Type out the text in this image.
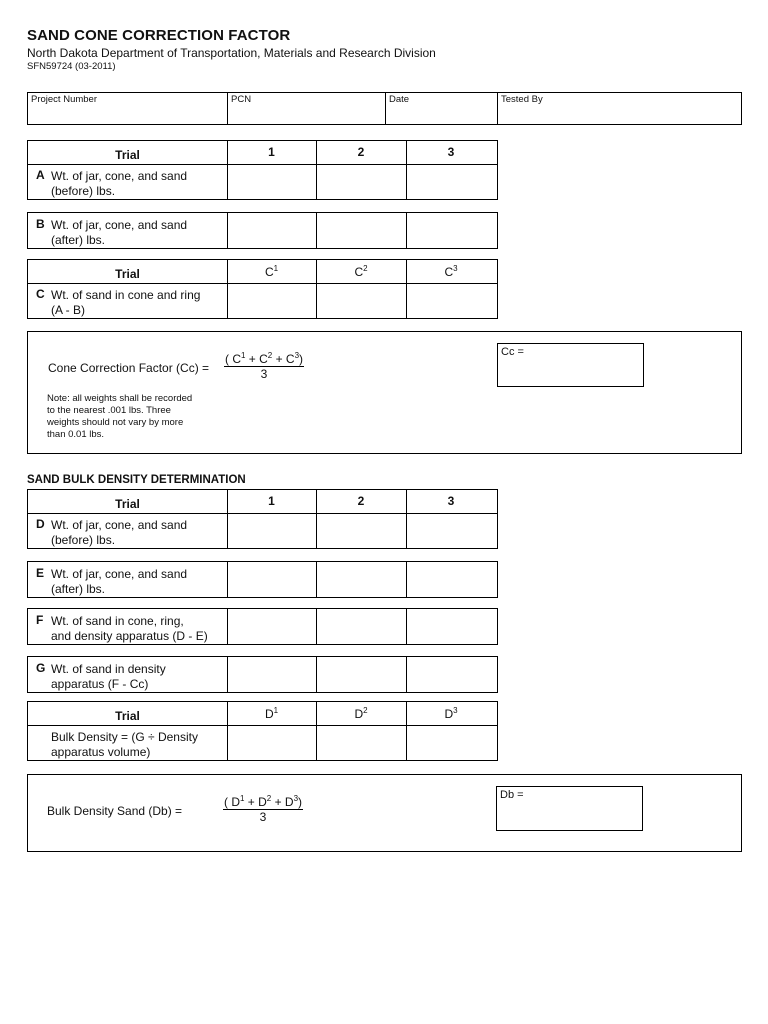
SAND CONE CORRECTION FACTOR
North Dakota Department of Transportation, Materials and Research Division
SFN59724 (03-2011)
Project Number	PCN	Date	Tested By
Trial	1	2	3
A Wt. of jar, cone, and sand
(before) lbs.
B Wt. of jar, cone, and sand
(after) lbs.
Trial	$C^1$	$C^2$	$C^3$
C Wt. of sand in cone and ring
(A - B)
Cone Correction Factor $(Cc) = \frac{( C^1 + C^2 + C^3)}{3}$
Note: all weights shall be recorded
to the nearest .001 lbs. Three
weights should not vary by more
than 0.01 lbs.
Cc =
SAND BULK DENSITY DETERMINATION
Trial	1	2	3
D Wt. of jar, cone, and sand
(before) lbs.
E Wt. of jar, cone, and sand
(after) lbs.
F Wt. of sand in cone, ring,
and density apparatus (D - E)
G Wt. of sand in density
apparatus (F - Cc)
Trial	$D^1$	$D^2$	$D^3$
Bulk Density = (G ÷ Density
apparatus volume)
Bulk Density Sand (Db) =	$\frac{( D^1 + D^2 + D^3)}{3}$	Db =
